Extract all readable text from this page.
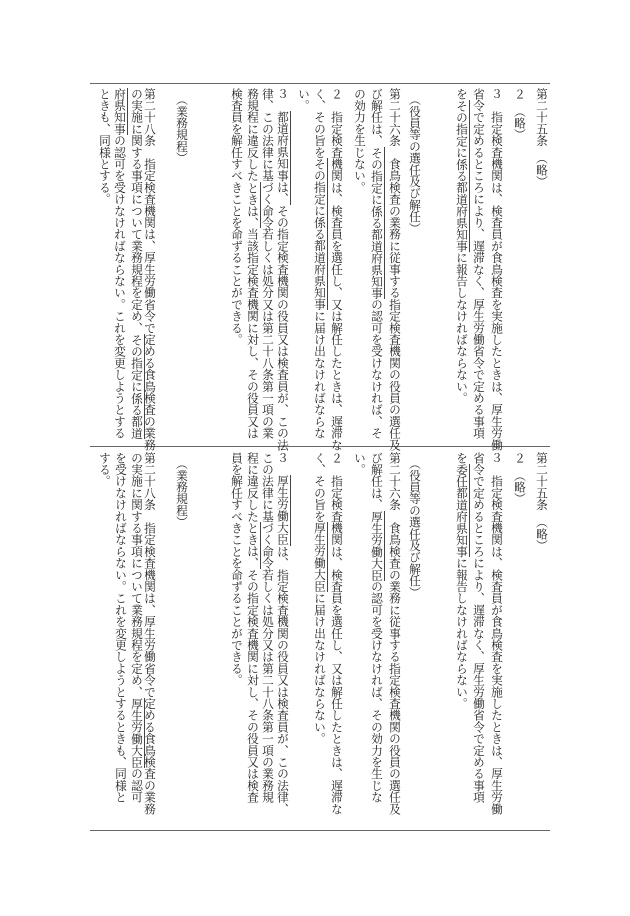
第二十五条　（略）
２　（略）
３　指定検査機関は、検査員が食鳥検査を実施したときは、厚生労働
省令で定めるところにより、遅滞なく、厚生労働省令で定める事項
をその指定に係る都道府県知事に報告しなければならない。
　（役員等の選任及び解任）
第二十六条　食鳥検査の業務に従事する指定検査機関の役員の選任及
び解任は、その指定に係る都道府県知事の認可を受けなければ、そ
の効力を生じない。
２　指定検査機関は、検査員を選任し、又は解任したときは、遅滞な
く、その旨をその指定に係る都道府県知事に届け出なければならな
い。
３　都道府県知事は、その指定検査機関の役員又は検査員が、この法
律、この法律に基づく命令若しくは処分又は第二十八条第一項の業
務規程に違反したときは、当該指定検査機関に対し、その役員又は
検査員を解任すべきことを命ずることができる。
　（業務規程）
第二十八条　指定検査機関は、厚生労働省令で定める食鳥検査の業務
の実施に関する事項について業務規程を定め、その指定に係る都道
府県知事の認可を受けなければならない。これを変更しようとする
ときも、同様とする。
第二十五条　（略）
２　（略）
３　指定検査機関は、検査員が食鳥検査を実施したときは、厚生労働
省令で定めるところにより、遅滞なく、厚生労働省令で定める事項
を委任都道府県知事に報告しなければならない。
　（役員等の選任及び解任）
第二十六条　食鳥検査の業務に従事する指定検査機関の役員の選任及
び解任は、厚生労働大臣の認可を受けなければ、その効力を生じな
い。
２　指定検査機関は、検査員を選任し、又は解任したときは、遅滞な
く、その旨を厚生労働大臣に届け出なければならない。
３　厚生労働大臣は、指定検査機関の役員又は検査員が、この法律、
この法律に基づく命令若しくは処分又は第二十八条第一項の業務規
程に違反したときは、その指定検査機関に対し、その役員又は検査
員を解任すべきことを命ずることができる。
　（業務規程）
第二十八条　指定検査機関は、厚生労働省令で定める食鳥検査の業務
の実施に関する事項について業務規程を定め、厚生労働大臣の認可
を受けなければならない。これを変更しようとするときも、同様と
する。
